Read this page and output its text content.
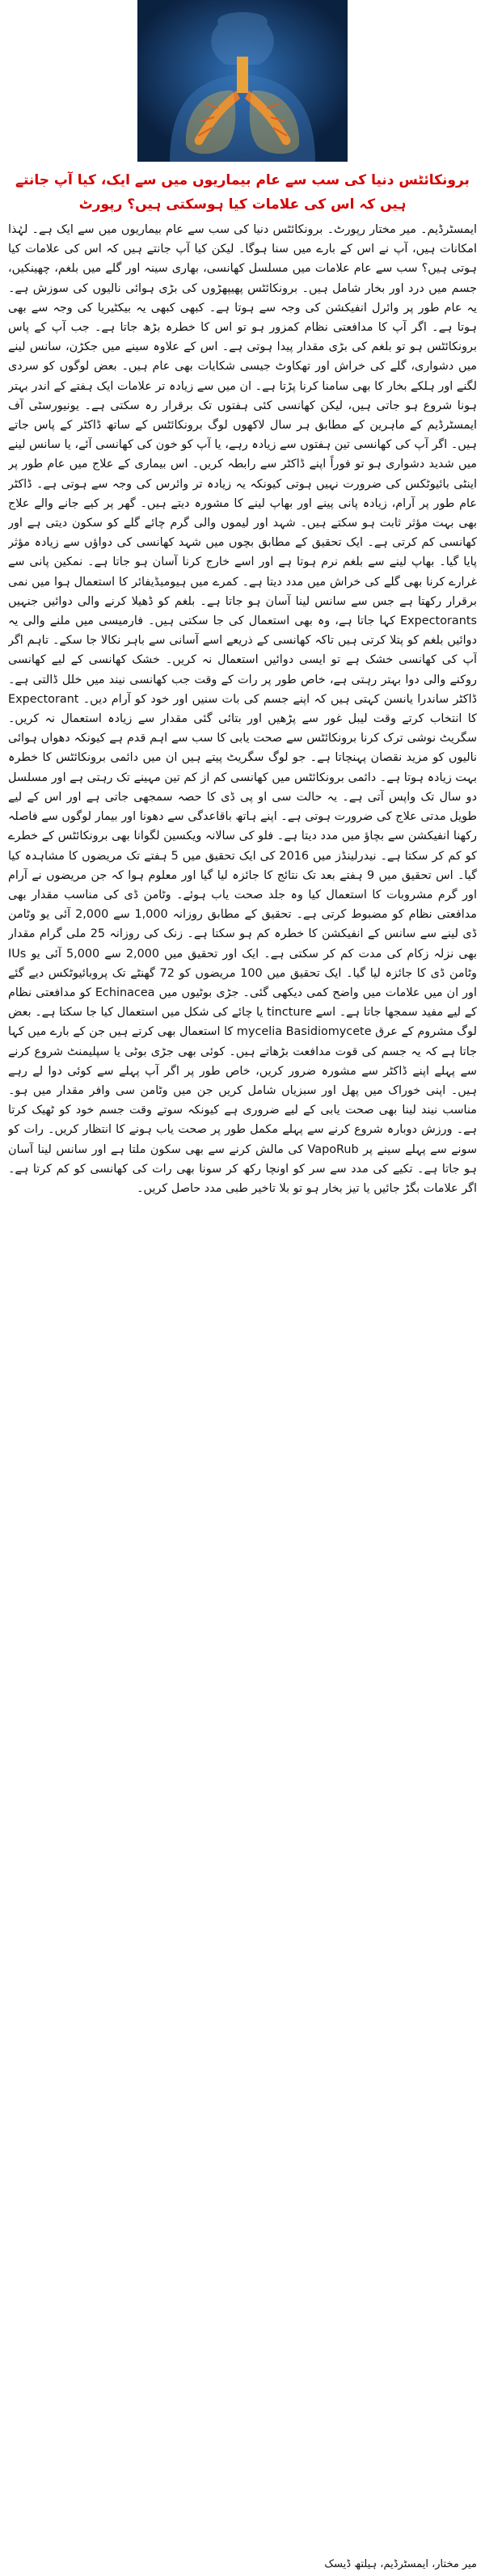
برونکائٹس دنیا کی سب سے عام بیماریوں میں سے ایک، کیا آپ جانتے ہیں کہ اس کی علامات کیا ہوسکتی ہیں؟ رپورٹ

ایمسٹرڈیم۔ میر مختار رپورٹ۔ برونکائٹس دنیا کی سب سے عام بیماریوں میں سے ایک ہے۔ لہٰذا امکانات ہیں، آپ نے اس کے بارے میں سنا ہوگا۔ لیکن کیا آپ جانتے ہیں کہ اس کی علامات کیا ہوتی ہیں؟ سب سے عام علامات میں مسلسل کھانسی، بھاری سینہ اور گلے میں بلغم، چھینکیں، جسم میں درد اور بخار شامل ہیں۔ برونکائٹس پھیپھڑوں کی بڑی ہوائی نالیوں کی سوزش ہے۔ یہ عام طور پر وائرل انفیکشن کی وجہ سے ہوتا ہے۔ کبھی کبھی یہ بیکٹیریا کی وجہ سے بھی ہوتا ہے۔ اگر آپ کا مدافعتی نظام کمزور ہو تو اس کا خطرہ بڑھ جاتا ہے۔ جب آپ کے پاس برونکائٹس ہو تو بلغم کی بڑی مقدار پیدا ہوتی ہے۔ اس کے علاوہ سینے میں جکڑن، سانس لینے میں دشواری، گلے کی خراش اور تھکاوٹ جیسی شکایات بھی عام ہیں۔ بعض لوگوں کو سردی لگنے اور ہلکے بخار کا بھی سامنا کرنا پڑتا ہے۔ ان میں سے زیادہ تر علامات ایک ہفتے کے اندر بہتر ہونا شروع ہو جاتی ہیں، لیکن کھانسی کئی ہفتوں تک برقرار رہ سکتی ہے۔ یونیورسٹی آف ایمسٹرڈیم کے ماہرین کے مطابق ہر سال لاکھوں لوگ برونکائٹس کے ساتھ ڈاکٹر کے پاس جاتے ہیں۔ اگر آپ کی کھانسی تین ہفتوں سے زیادہ رہے، یا آپ کو خون کی کھانسی آئے، یا سانس لینے میں شدید دشواری ہو تو فوراً اپنے ڈاکٹر سے رابطہ کریں۔ اس بیماری کے علاج میں عام طور پر اینٹی بائیوٹکس کی ضرورت نہیں ہوتی کیونکہ یہ زیادہ تر وائرس کی وجہ سے ہوتی ہے۔ ڈاکٹر عام طور پر آرام، زیادہ پانی پینے اور بھاپ لینے کا مشورہ دیتے ہیں۔ گھر پر کیے جانے والے علاج بھی بہت مؤثر ثابت ہو سکتے ہیں۔ شہد اور لیموں والی گرم چائے گلے کو سکون دیتی ہے اور کھانسی کم کرتی ہے۔ ایک تحقیق کے مطابق بچوں میں شہد کھانسی کی دواؤں سے زیادہ مؤثر پایا گیا۔ بھاپ لینے سے بلغم نرم ہوتا ہے اور اسے خارج کرنا آسان ہو جاتا ہے۔ نمکین پانی سے غرارے کرنا بھی گلے کی خراش میں مدد دیتا ہے۔ کمرے میں ہیومیڈیفائر کا استعمال ہوا میں نمی برقرار رکھتا ہے جس سے سانس لینا آسان ہو جاتا ہے۔ بلغم کو ڈھیلا کرنے والی دوائیں جنہیں Expectorants کہا جاتا ہے، وہ بھی استعمال کی جا سکتی ہیں۔ فارمیسی میں ملنے والی یہ دوائیں بلغم کو پتلا کرتی ہیں تاکہ کھانسی کے ذریعے اسے آسانی سے باہر نکالا جا سکے۔ تاہم اگر آپ کی کھانسی خشک ہے تو ایسی دوائیں استعمال نہ کریں۔ خشک کھانسی کے لیے کھانسی روکنے والی دوا بہتر رہتی ہے، خاص طور پر رات کے وقت جب کھانسی نیند میں خلل ڈالتی ہے۔ ڈاکٹر ساندرا یانسن کہتی ہیں کہ اپنے جسم کی بات سنیں اور خود کو آرام دیں۔ Expectorant کا انتخاب کرتے وقت لیبل غور سے پڑھیں اور بتائی گئی مقدار سے زیادہ استعمال نہ کریں۔ سگریٹ نوشی ترک کرنا برونکائٹس سے صحت یابی کا سب سے اہم قدم ہے کیونکہ دھواں ہوائی نالیوں کو مزید نقصان پہنچاتا ہے۔ جو لوگ سگریٹ پیتے ہیں ان میں دائمی برونکائٹس کا خطرہ بہت زیادہ ہوتا ہے۔ دائمی برونکائٹس میں کھانسی کم از کم تین مہینے تک رہتی ہے اور مسلسل دو سال تک واپس آتی ہے۔ یہ حالت سی او پی ڈی کا حصہ سمجھی جاتی ہے اور اس کے لیے طویل مدتی علاج کی ضرورت ہوتی ہے۔ اپنے ہاتھ باقاعدگی سے دھونا اور بیمار لوگوں سے فاصلہ رکھنا انفیکشن سے بچاؤ میں مدد دیتا ہے۔ فلو کی سالانہ ویکسین لگوانا بھی برونکائٹس کے خطرے کو کم کر سکتا ہے۔ نیدرلینڈز میں 2016 کی ایک تحقیق میں 5 ہفتے تک مریضوں کا مشاہدہ کیا گیا۔ اس تحقیق میں 9 ہفتے بعد تک نتائج کا جائزہ لیا گیا اور معلوم ہوا کہ جن مریضوں نے آرام اور گرم مشروبات کا استعمال کیا وہ جلد صحت یاب ہوئے۔ وٹامن ڈی کی مناسب مقدار بھی مدافعتی نظام کو مضبوط کرتی ہے۔ تحقیق کے مطابق روزانہ 1,000 سے 2,000 آئی یو وٹامن ڈی لینے سے سانس کے انفیکشن کا خطرہ کم ہو سکتا ہے۔ زنک کی روزانہ 25 ملی گرام مقدار بھی نزلہ زکام کی مدت کم کر سکتی ہے۔ ایک اور تحقیق میں 2,000 سے 5,000 آئی یو IUs وٹامن ڈی کا جائزہ لیا گیا۔ ایک تحقیق میں 100 مریضوں کو 72 گھنٹے تک پروبائیوٹکس دیے گئے اور ان میں علامات میں واضح کمی دیکھی گئی۔ جڑی بوٹیوں میں Echinacea کو مدافعتی نظام کے لیے مفید سمجھا جاتا ہے۔ اسے tincture یا چائے کی شکل میں استعمال کیا جا سکتا ہے۔ بعض لوگ مشروم کے عرق mycelia Basidiomycete کا استعمال بھی کرتے ہیں جن کے بارے میں کہا جاتا ہے کہ یہ جسم کی قوت مدافعت بڑھاتے ہیں۔ کوئی بھی جڑی بوٹی یا سپلیمنٹ شروع کرنے سے پہلے اپنے ڈاکٹر سے مشورہ ضرور کریں، خاص طور پر اگر آپ پہلے سے کوئی دوا لے رہے ہیں۔ اپنی خوراک میں پھل اور سبزیاں شامل کریں جن میں وٹامن سی وافر مقدار میں ہو۔ مناسب نیند لینا بھی صحت یابی کے لیے ضروری ہے کیونکہ سوتے وقت جسم خود کو ٹھیک کرتا ہے۔ ورزش دوبارہ شروع کرنے سے پہلے مکمل طور پر صحت یاب ہونے کا انتظار کریں۔ رات کو سونے سے پہلے سینے پر VapoRub کی مالش کرنے سے بھی سکون ملتا ہے اور سانس لینا آسان ہو جاتا ہے۔ تکیے کی مدد سے سر کو اونچا رکھ کر سونا بھی رات کی کھانسی کو کم کرتا ہے۔ اگر علامات بگڑ جائیں یا تیز بخار ہو تو بلا تاخیر طبی مدد حاصل کریں۔

میر مختار، ایمسٹرڈیم، ہیلتھ ڈیسک
